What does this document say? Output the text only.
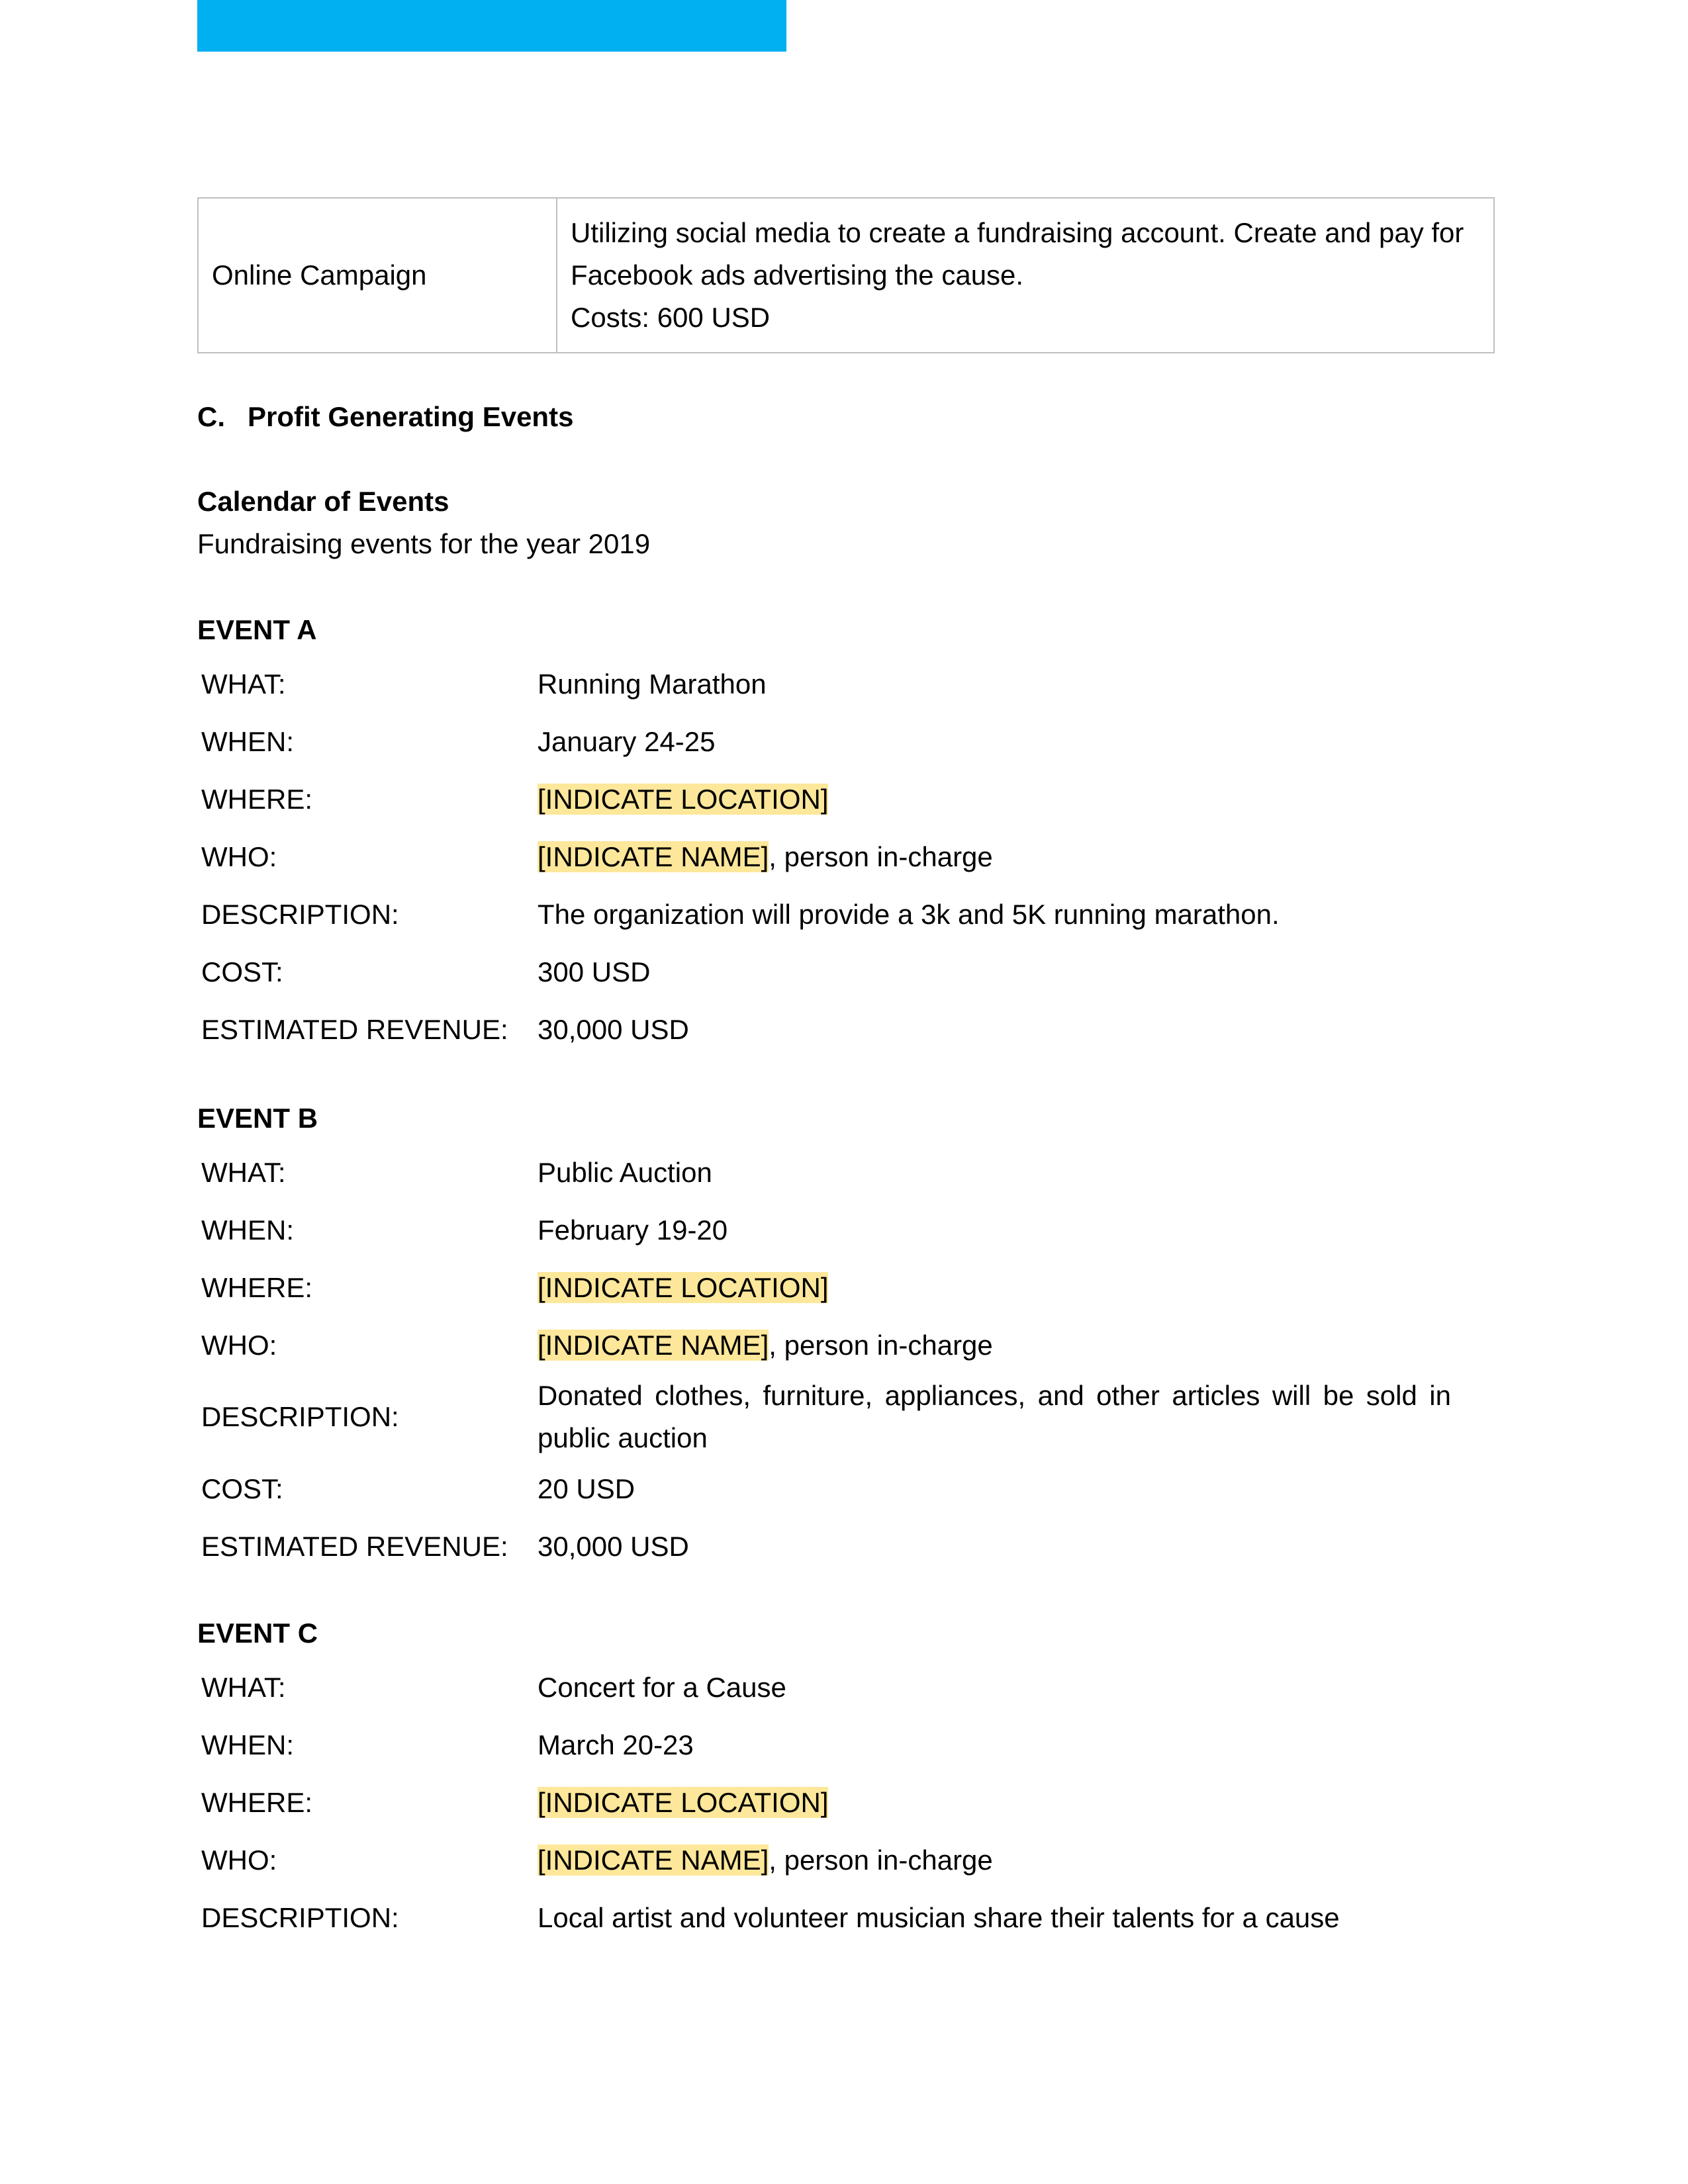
Online Campaign	
Utilizing social media to create a fundraising account. Create and pay for
Facebook ads advertising the cause.
Costs: 600 USD
C. Profit Generating Events
Calendar of Events
Fundraising events for the year 2019
EVENT A
WHAT:	Running Marathon
WHEN:	January 24-25
WHERE:	[INDICATE LOCATION]
WHO:	[INDICATE NAME], person in-charge
DESCRIPTION:	The organization will provide a 3k and 5K running marathon.
COST:	300 USD
ESTIMATED REVENUE:	30,000 USD
EVENT B
WHAT:	Public Auction
WHEN:	February 19-20
WHERE:	[INDICATE LOCATION]
WHO:	[INDICATE NAME], person in-charge
DESCRIPTION:
Donated clothes, furniture, appliances, and other articles will be sold in public auction
COST:	20 USD
ESTIMATED REVENUE:	30,000 USD
EVENT C
WHAT:	Concert for a Cause
WHEN:	March 20-23
WHERE:	[INDICATE LOCATION]
WHO:	[INDICATE NAME], person in-charge
DESCRIPTION:	Local artist and volunteer musician share their talents for a cause
